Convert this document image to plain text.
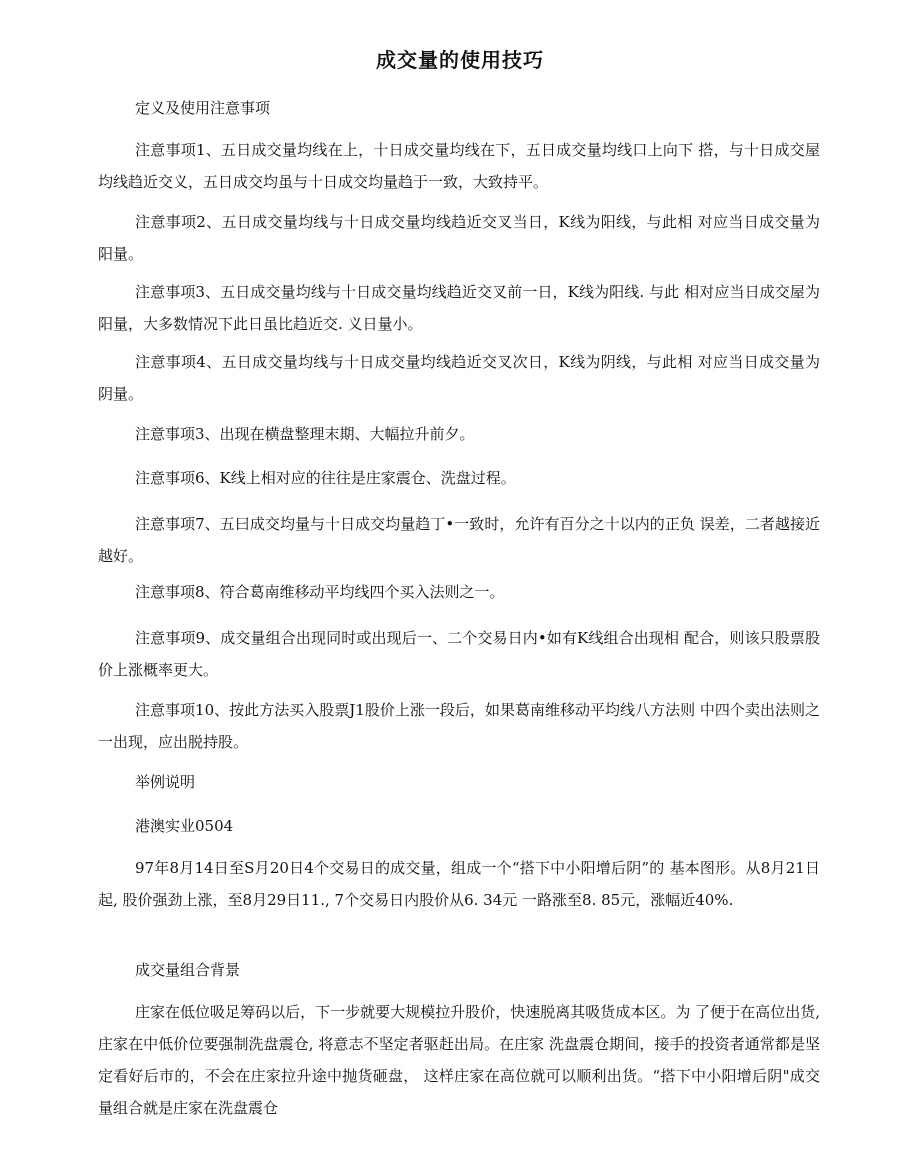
成交量的使用技巧

定义及使用注意事项

注意事项1、五日成交量均线在上，十日成交量均线在下，五日成交量均线口上向下 搭，与十日成交屋均线趋近交义，五日成交均虽与十日成交均量趋于一致，大致持平。

注意事项2、五日成交量均线与十日成交量均线趋近交叉当日，K线为阳线，与此相 对应当日成交量为阳量。

注意事项3、五日成交量均线与十日成交量均线趋近交叉前一日，K线为阳线. 与此 相对应当日成交屋为阳量，大多数情况下此日虽比趋近交. 义日量小。

注意事项4、五日成交量均线与十日成交量均线趋近交叉次日，K线为阴线，与此相 对应当日成交量为阴量。

注意事项3、出现在横盘整理末期、大幅拉升前夕。

注意事项6、K线上相对应的往往是庄家震仓、洗盘过程。

注意事项7、五曰成交均量与十日成交均量趋丁•一致时，允许有百分之十以内的正负 误差，二者越接近越好。

注意事项8、符合葛南维移动平均线四个买入法则之一。

注意事项9、成交量组合出现同时或出现后一、二个交易日内•如有K线组合出现相 配合，则该只股票股价上涨概率更大。

注意事项10、按此方法买入股票J1股价上涨一段后，如果葛南维移动平均线八方法则 中四个卖出法则之一出现，应出脱持股。

举例说明

港澳实业0504

97年8月14日至S月20日4个交易日的成交量，组成一个“搭下中小阳增后阴”的 基本图形。从8月21日起, 股价强劲上涨，至8月29日11., 7个交易日内股价从6. 34元 一路涨至8. 85元，涨幅近40%.

成交量组合背景

庄家在低位吸足筹码以后，下一步就要大规模拉升股价，快速脱离其吸货成本区。为 了便于在高位出货, 庄家在中低价位要强制洗盘震仓, 将意志不坚定者驱赶出局。在庄家 洗盘震仓期间，接手的投资者通常都是坚定看好后市的，不会在庄家拉升途中抛货砸盘， 这样庄家在高位就可以顺利出货。“搭下中小阳增后阴"成交量组合就是庄家在洗盘震仓
